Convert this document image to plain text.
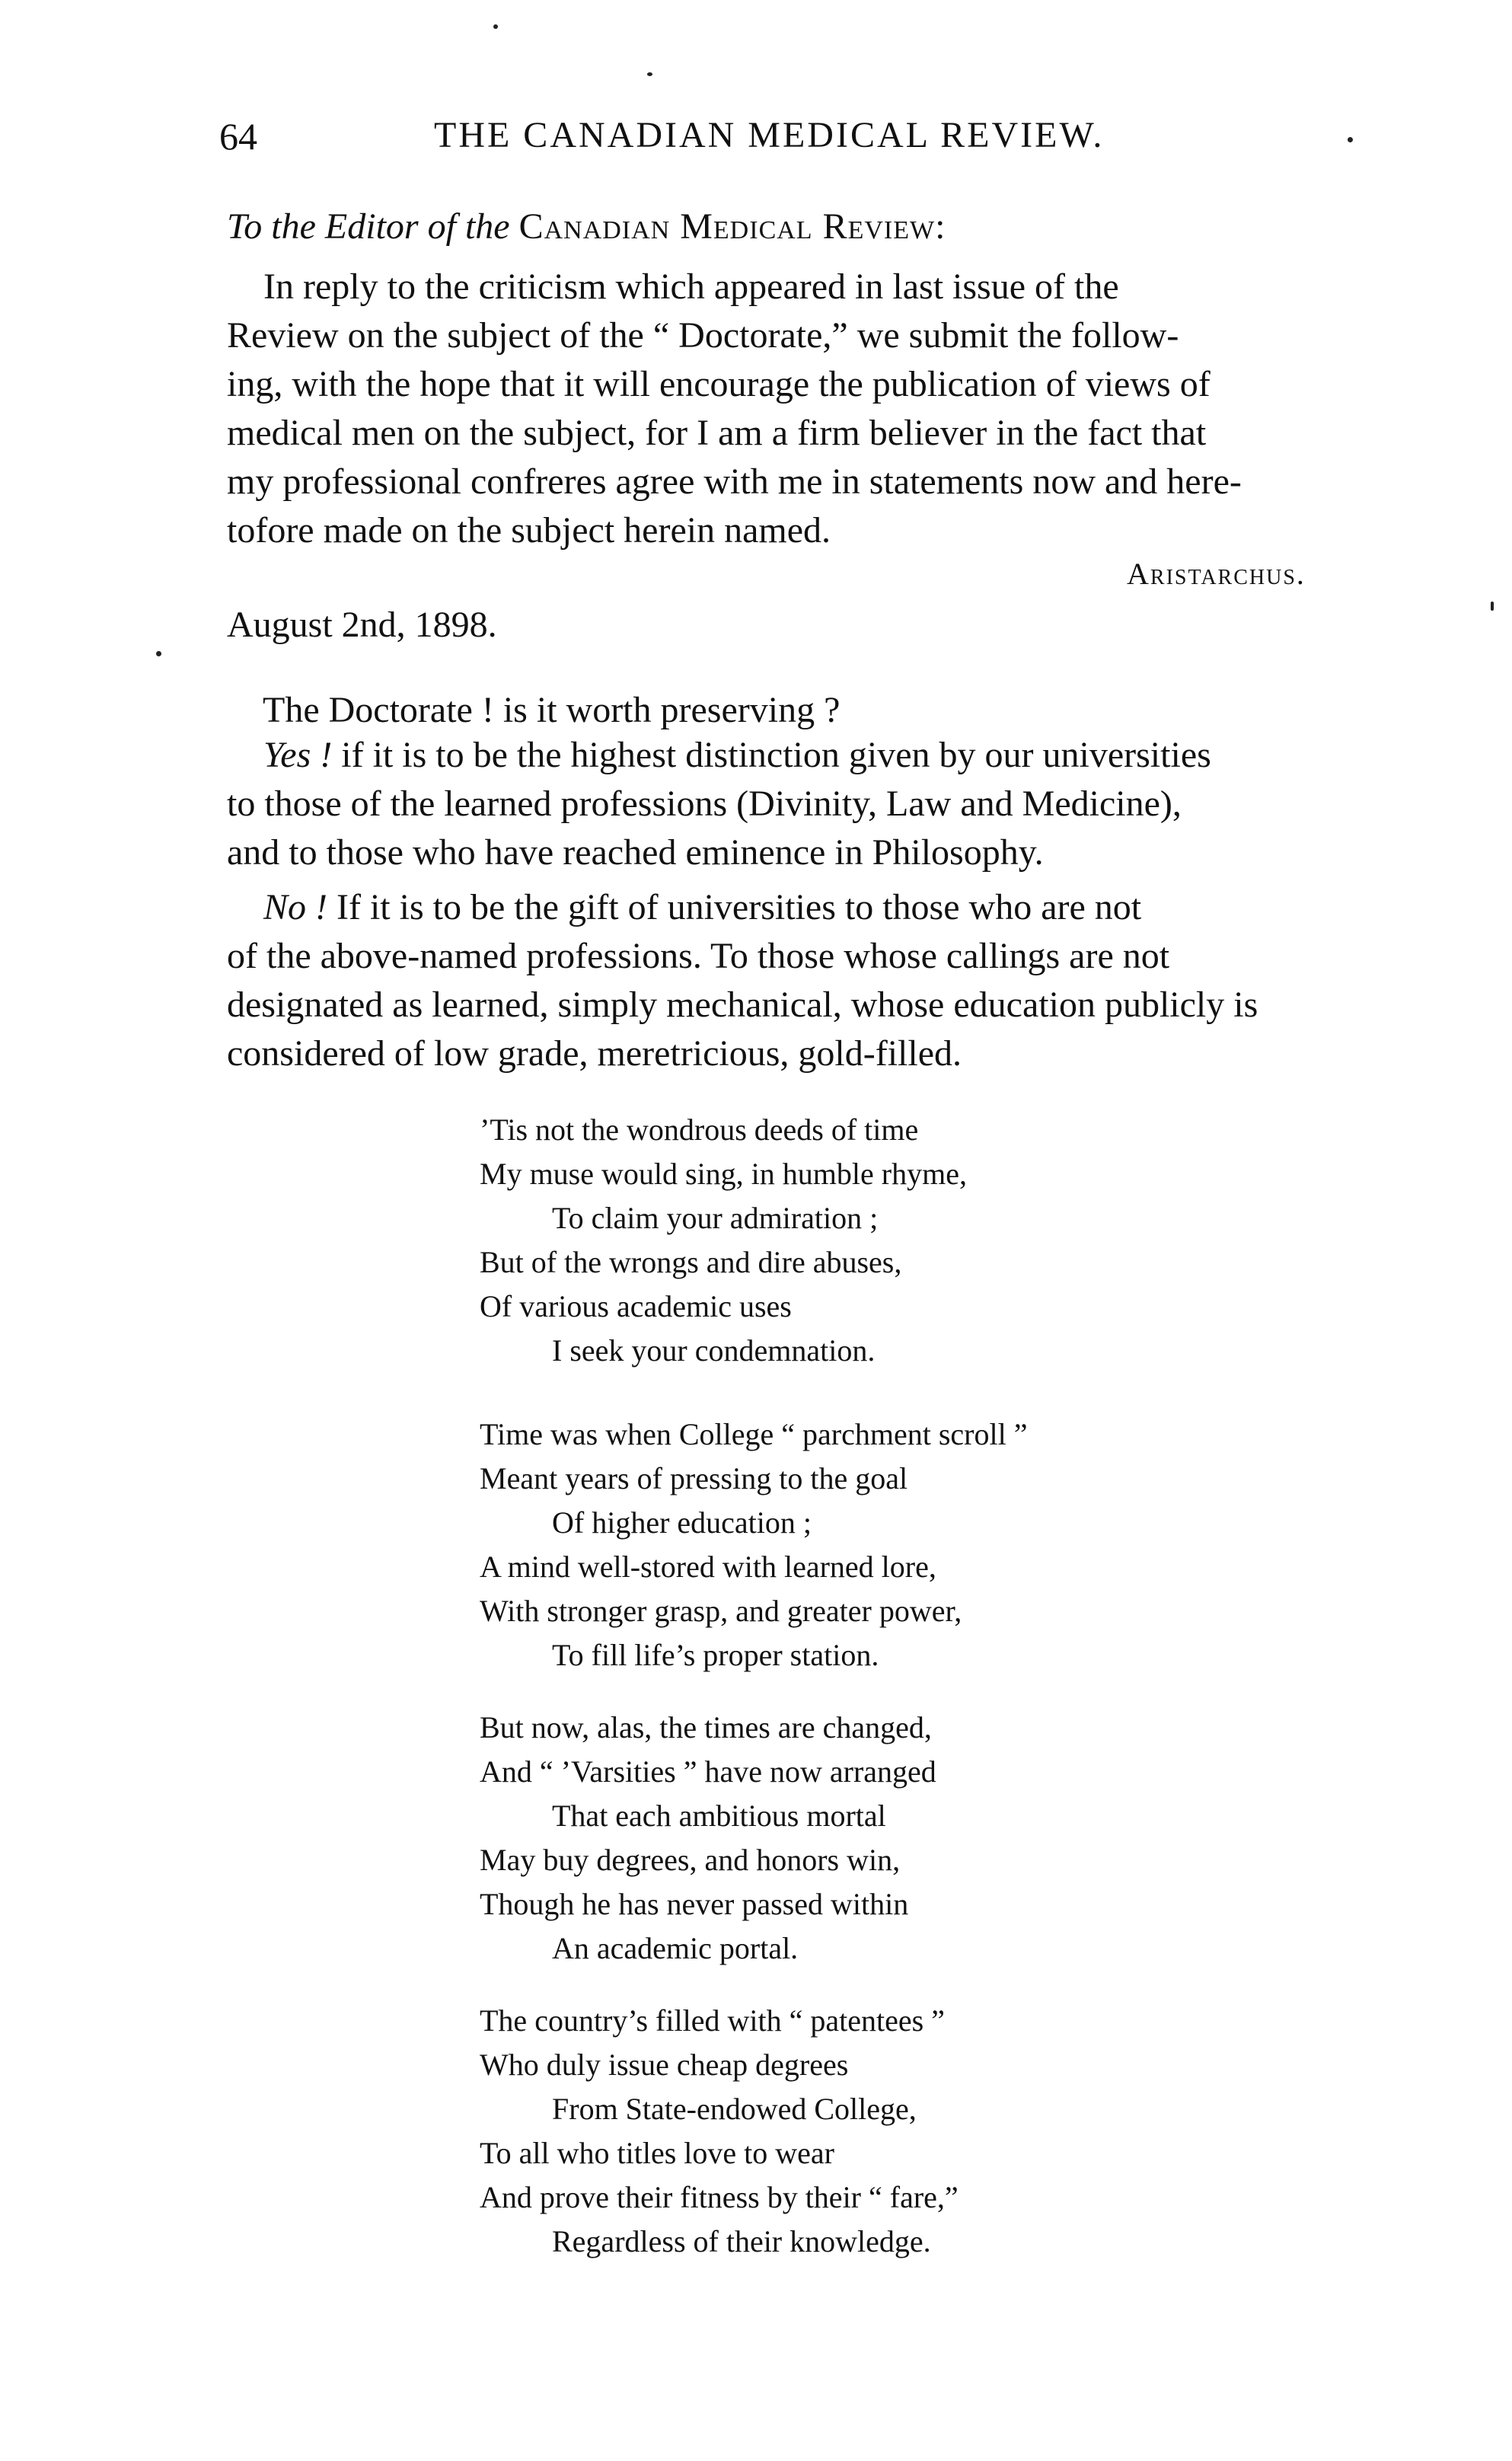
64	THE CANADIAN MEDICAL REVIEW.
To the Editor of the Canadian Medical Review:
In reply to the criticism which appeared in last issue of the
Review on the subject of the “ Doctorate,” we submit the follow-
ing, with the hope that it will encourage the publication of views of
medical men on the subject, for I am a firm believer in the fact that
my professional confreres agree with me in statements now and here-
tofore made on the subject herein named.
Aristarchus.
August 2nd, 1898.
The Doctorate ! is it worth preserving ?
Yes ! if it is to be the highest distinction given by our universities
to those of the learned professions (Divinity, Law and Medicine),
and to those who have reached eminence in Philosophy.
No ! If it is to be the gift of universities to those who are not
of the above-named professions. To those whose callings are not
designated as learned, simply mechanical, whose education publicly is
considered of low grade, meretricious, gold-filled.
’Tis not the wondrous deeds of time
My muse would sing, in humble rhyme,
To claim your admiration ;
But of the wrongs and dire abuses,
Of various academic uses
I seek your condemnation.
Time was when College “ parchment scroll ”
Meant years of pressing to the goal
Of higher education ;
A mind well-stored with learned lore,
With stronger grasp, and greater power,
To fill life’s proper station.
But now, alas, the times are changed,
And “ ’Varsities ” have now arranged
That each ambitious mortal
May buy degrees, and honors win,
Though he has never passed within
An academic portal.
The country’s filled with “ patentees ”
Who duly issue cheap degrees
From State-endowed College,
To all who titles love to wear
And prove their fitness by their “ fare,”
Regardless of their knowledge.
